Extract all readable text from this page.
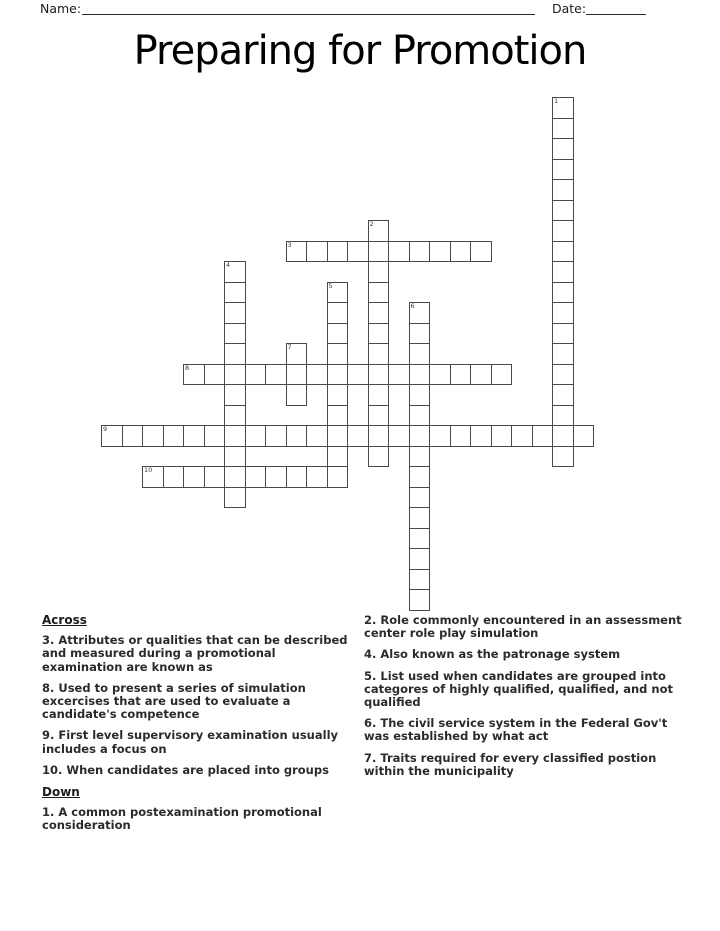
Name:	Date:
Preparing for Promotion
1
2
3
4
5
6
7
8
9
10
Across

3. Attributes or qualities that can be described and measured during a promotional examination are known as

8. Used to present a series of simulation excercises that are used to evaluate a candidate's competence

9. First level supervisory examination usually includes a focus on

10. When candidates are placed into groups

Down

1. A common postexamination promotional consideration

2. Role commonly encountered in an assessment center role play simulation

4. Also known as the patronage system

5. List used when candidates are grouped into categores of highly qualified, qualified, and not qualified

6. The civil service system in the Federal Gov't was established by what act

7. Traits required for every classified postion within the municipality
